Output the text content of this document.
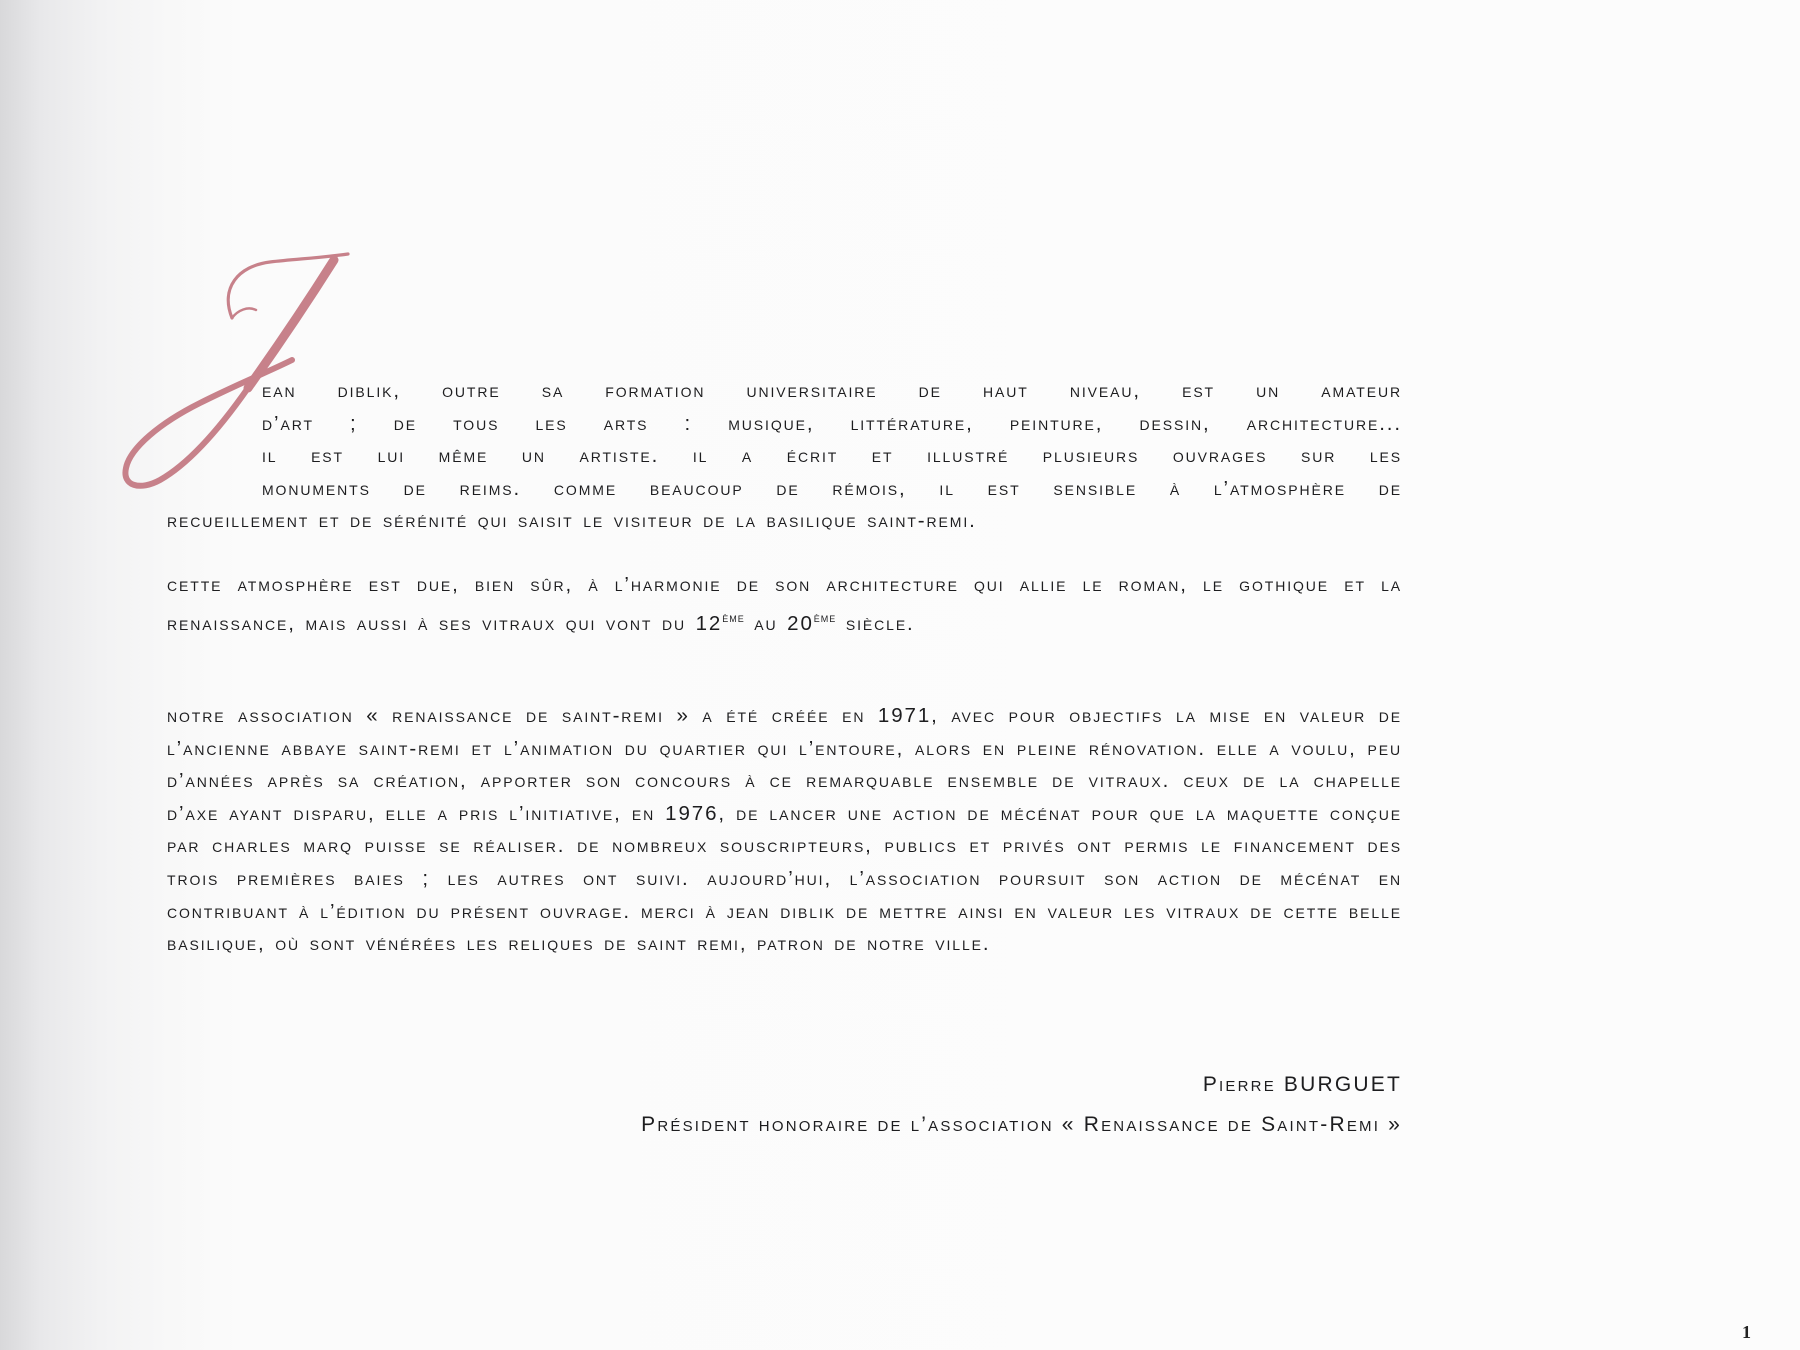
ean diblik, outre sa formation universitaire de haut niveau, est un amateur
d’art ; de tous les arts : musique, littérature, peinture, dessin, architecture...
il est lui même un artiste. il a écrit et illustré plusieurs ouvrages sur les
monuments de reims. comme beaucoup de rémois, il est sensible à l’atmosphère de
recueillement et de sérénité qui saisit le visiteur de la basilique saint-remi.

cette atmosphère est due, bien sûr, à l’harmonie de son architecture qui allie le roman, le gothique et la renaissance, mais aussi à ses vitraux qui vont du 12ème au 20ème siècle.

notre association « renaissance de saint-remi » a été créée en 1971, avec pour objectifs la mise en valeur de l’ancienne abbaye saint-remi et l’animation du quartier qui l’entoure, alors en pleine rénovation. elle a voulu, peu d’années après sa création, apporter son concours à ce remarquable ensemble de vitraux. ceux de la chapelle d’axe ayant disparu, elle a pris l’initiative, en 1976, de lancer une action de mécénat pour que la maquette conçue par charles marq puisse se réaliser. de nombreux souscripteurs, publics et privés ont permis le financement des trois premières baies ; les autres ont suivi. aujourd’hui, l’association poursuit son action de mécénat en contribuant à l’édition du présent ouvrage. merci à jean diblik de mettre ainsi en valeur les vitraux de cette belle basilique, où sont vénérées les reliques de saint remi, patron de notre ville.

Pierre BURGUET
Président honoraire de l’association « Renaissance de Saint-Remi »
1
